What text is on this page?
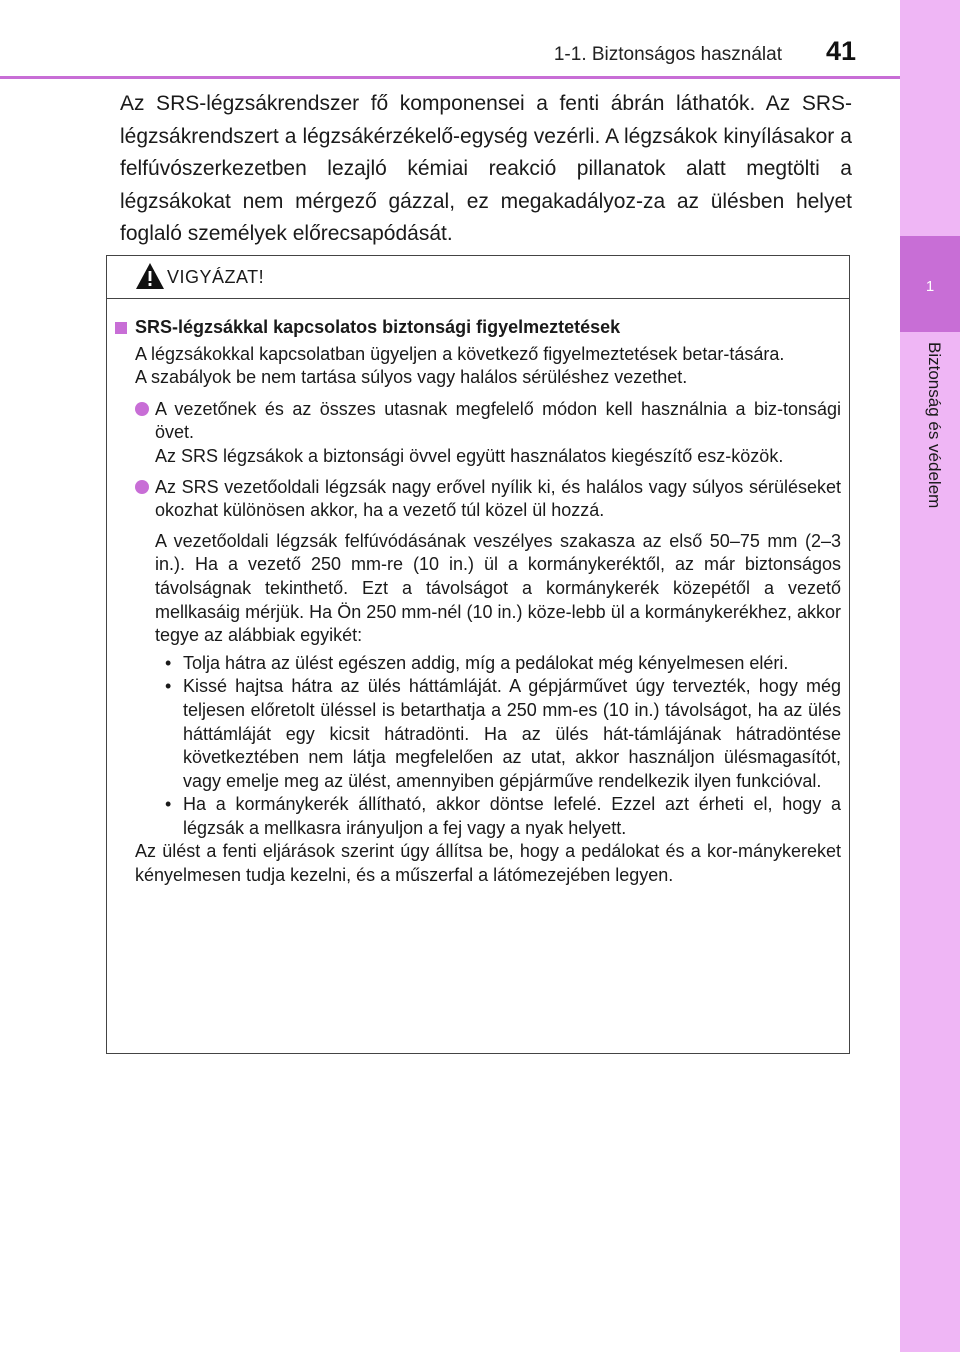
1-1. Biztonságos használat 41
1
Biztonság és védelem

Az SRS-légzsákrendszer fő komponensei a fenti ábrán láthatók. Az SRS-légzsákrendszert a légzsákérzékelő-egység vezérli. A légzsákok kinyílásakor a felfúvószerkezetben lezajló kémiai reakció pillanatok alatt megtölti a légzsákokat nem mérgező gázzal, ez megakadályoz-za az ülésben helyet foglaló személyek előrecsapódását.

VIGYÁZAT!
SRS-légzsákkal kapcsolatos biztonsági figyelmeztetések

A légzsákokkal kapcsolatban ügyeljen a következő figyelmeztetések betar-tására.
A szabályok be nem tartása súlyos vagy halálos sérüléshez vezethet.

A vezetőnek és az összes utasnak megfelelő módon kell használnia a biz-tonsági övet.
Az SRS légzsákok a biztonsági övvel együtt használatos kiegészítő esz-közök.
Az SRS vezetőoldali légzsák nagy erővel nyílik ki, és halálos vagy súlyos sérüléseket okozhat különösen akkor, ha a vezető túl közel ül hozzá.

A vezetőoldali légzsák felfúvódásának veszélyes szakasza az első 50–75 mm (2–3 in.). Ha a vezető 250 mm-re (10 in.) ül a kormánykeréktől, az már biztonságos távolságnak tekinthető. Ezt a távolságot a kormánykerék közepétől a vezető mellkasáig mérjük. Ha Ön 250 mm-nél (10 in.) köze-lebb ül a kormánykerékhez, akkor tegye az alábbiak egyikét:

• Tolja hátra az ülést egészen addig, míg a pedálokat még kényelmesen eléri.
• Kissé hajtsa hátra az ülés háttámláját. A gépjárművet úgy tervezték, hogy még teljesen előretolt üléssel is betarthatja a 250 mm-es (10 in.) távolságot, ha az ülés háttámláját egy kicsit hátradönti. Ha az ülés hát-támlájának hátradöntése következtében nem látja megfelelően az utat, akkor használjon ülésmagasítót, vagy emelje meg az ülést, amennyiben gépjárműve rendelkezik ilyen funkcióval.
• Ha a kormánykerék állítható, akkor döntse lefelé. Ezzel azt érheti el, hogy a légzsák a mellkasra irányuljon a fej vagy a nyak helyett.

Az ülést a fenti eljárások szerint úgy állítsa be, hogy a pedálokat és a kor-mánykereket kényelmesen tudja kezelni, és a műszerfal a látómezejében legyen.
